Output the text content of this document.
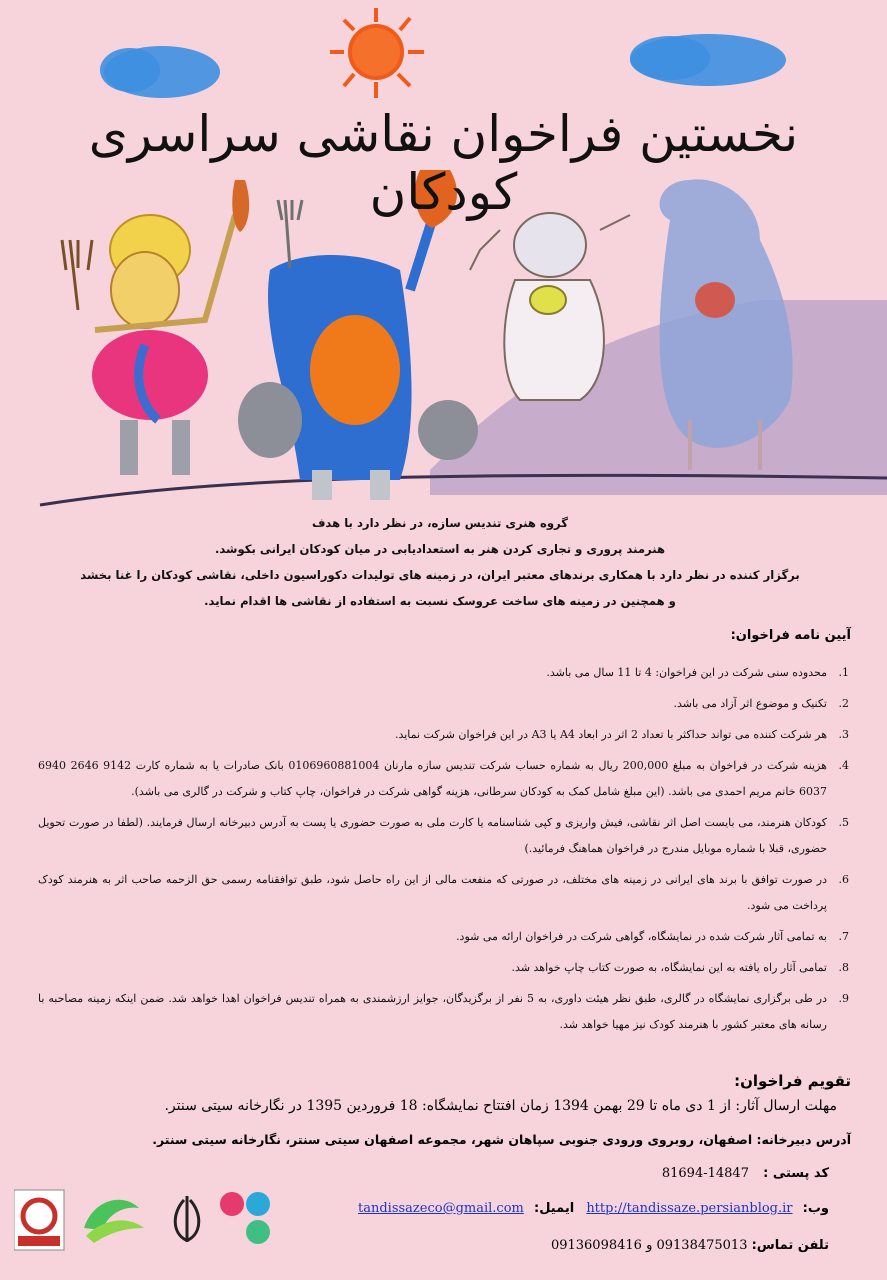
نخستین فراخوان نقاشی سراسری کودکان
گروه هنری تندیس سازه، در نظر دارد با هدف
هنرمند پروری و تجاری کردن هنر به استعدادیابی در میان کودکان ایرانی بکوشد.
برگزار کننده در نظر دارد با همکاری برندهای معتبر ایران، در زمینه های تولیدات دکوراسیون داخلی، نقاشی کودکان را غنا بخشد
و همچنین در زمینه های ساخت عروسک نسبت به استفاده از نقاشی ها اقدام نماید.
آیین نامه فراخوان:
1.
محدوده سنی شرکت در این فراخوان: 4 تا 11 سال می باشد.
2.
تکنیک و موضوع اثر آزاد می باشد.
3.
هر شرکت کننده می تواند حداکثر با تعداد 2 اثر در ابعاد A4 یا A3 در این فراخوان شرکت نماید.
4.
هزینه شرکت در فراخوان به مبلغ 200,000 ریال به شماره حساب شرکت تندیس سازه مارنان 0106960881004 بانک صادرات یا به شماره کارت 9142 2646 6940 6037 خانم مریم احمدی می باشد. (این مبلغ شامل کمک به کودکان سرطانی، هزینه گواهی شرکت در فراخوان، چاپ کتاب و شرکت در گالری می باشد).
5.
کودکان هنرمند، می بایست اصل اثر نقاشی، فیش واریزی و کپی شناسنامه یا کارت ملی به صورت حضوری یا پست به آدرس دبیرخانه ارسال فرمایند. (لطفا در صورت تحویل حضوری، قبلا با شماره موبایل مندرج در فراخوان هماهنگ فرمائید.)
6.
در صورت توافق با برند های ایرانی در زمینه های مختلف، در صورتی که منفعت مالی از این راه حاصل شود، طبق توافقنامه رسمی حق الزحمه صاحب اثر به هنرمند کودک پرداخت می شود.
7.
به تمامی آثار شرکت شده در نمایشگاه، گواهی شرکت در فراخوان ارائه می شود.
8.
تمامی آثار راه یافته به این نمایشگاه، به صورت کتاب چاپ خواهد شد.
9.
در طی برگزاری نمایشگاه در گالری، طبق نظر هیئت داوری، به 5 نفر از برگزیدگان، جوایز ارزشمندی به همراه تندیس فراخوان اهدا خواهد شد. ضمن اینکه زمینه مصاحبه با رسانه های معتبر کشور با هنرمند کودک نیز مهیا خواهد شد.
تقویم فراخوان:
مهلت ارسال آثار: از 1 دی ماه تا 29 بهمن 1394 زمان افتتاح نمایشگاه: 18 فروردین 1395 در نگارخانه سیتی سنتر.
آدرس دبیرخانه: اصفهان، روبروی ورودی جنوبی سپاهان شهر، مجموعه اصفهان سیتی سنتر، نگارخانه سیتی سنتر.
کد پستی : 81694-14847
وب: http://tandissaze.persianblog.ir ایمیل: tandissazeco@gmail.com
تلفن تماس: 09138475013 و 09136098416
